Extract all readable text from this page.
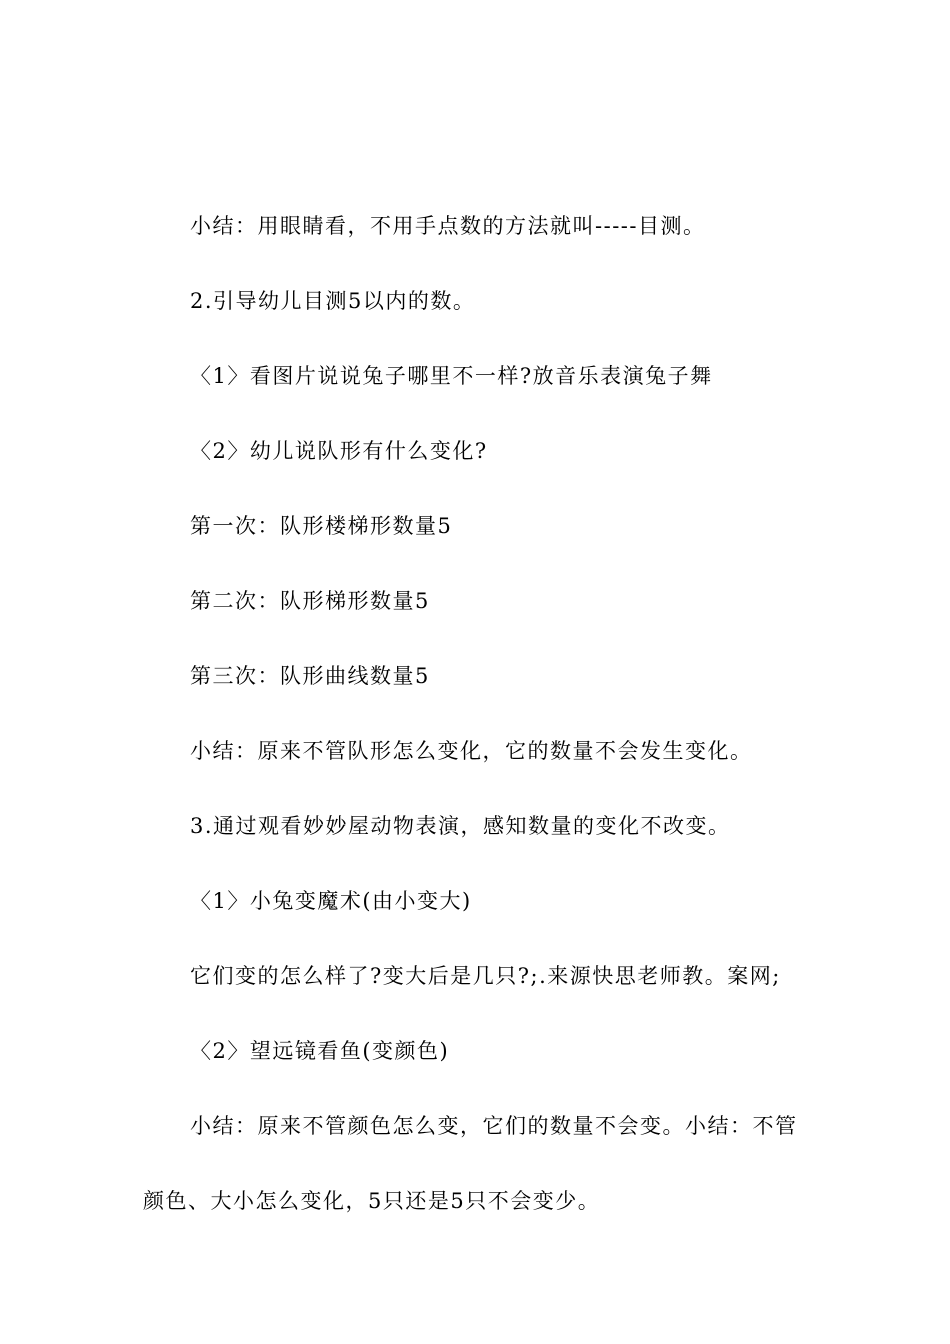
小结：用眼睛看，不用手点数的方法就叫-----目测。
2.引导幼儿目测5以内的数。
〈1〉看图片说说兔子哪里不一样?放音乐表演兔子舞
〈2〉幼儿说队形有什么变化?
第一次：队形楼梯形数量5
第二次：队形梯形数量5
第三次：队形曲线数量5
小结：原来不管队形怎么变化，它的数量不会发生变化。
3.通过观看妙妙屋动物表演，感知数量的变化不改变。
〈1〉小兔变魔术(由小变大)
它们变的怎么样了?变大后是几只?;.来源快思老师教。案网;
〈2〉望远镜看鱼(变颜色)
小结：原来不管颜色怎么变，它们的数量不会变。小结：不管
颜色、大小怎么变化，5只还是5只不会变少。
